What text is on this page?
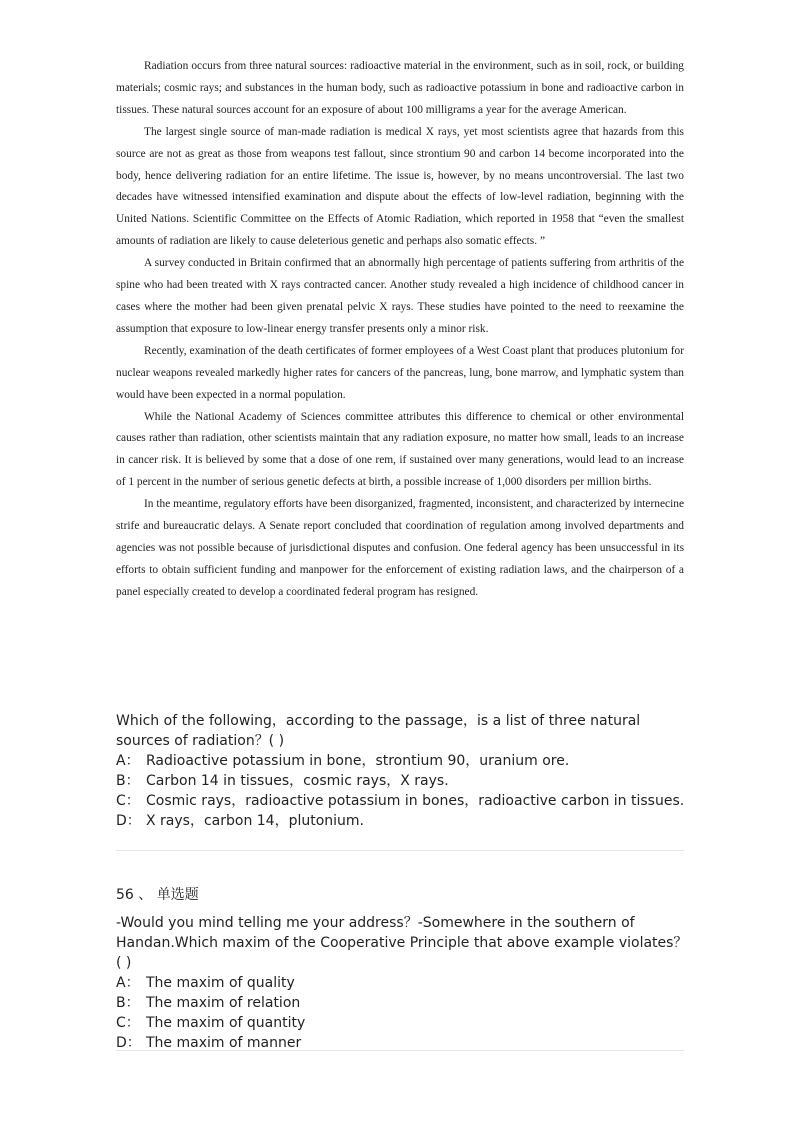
Radiation occurs from three natural sources: radioactive material in the environment, such as in soil, rock, or building materials; cosmic rays; and substances in the human body, such as radioactive potassium in bone and radioactive carbon in tissues. These natural sources account for an exposure of about 100 milligrams a year for the average American.

The largest single source of man-made radiation is medical X rays, yet most scientists agree that hazards from this source are not as great as those from weapons test fallout, since strontium 90 and carbon 14 become incorporated into the body, hence delivering radiation for an entire lifetime. The issue is, however, by no means uncontroversial. The last two decades have witnessed intensified examination and dispute about the effects of low-level radiation, beginning with the United Nations. Scientific Committee on the Effects of Atomic Radiation, which reported in 1958 that “even the smallest amounts of radiation are likely to cause deleterious genetic and perhaps also somatic effects. ”

A survey conducted in Britain confirmed that an abnormally high percentage of patients suffering from arthritis of the spine who had been treated with X rays contracted cancer. Another study revealed a high incidence of childhood cancer in cases where the mother had been given prenatal pelvic X rays. These studies have pointed to the need to reexamine the assumption that exposure to low-linear energy transfer presents only a minor risk.

Recently, examination of the death certificates of former employees of a West Coast plant that produces plutonium for nuclear weapons revealed markedly higher rates for cancers of the pancreas, lung, bone marrow, and lymphatic system than would have been expected in a normal population.

While the National Academy of Sciences committee attributes this difference to chemical or other environmental causes rather than radiation, other scientists maintain that any radiation exposure, no matter how small, leads to an increase in cancer risk. It is believed by some that a dose of one rem, if sustained over many generations, would lead to an increase of 1 percent in the number of serious genetic defects at birth, a possible increase of 1,000 disorders per million births.

In the meantime, regulatory efforts have been disorganized, fragmented, inconsistent, and characterized by internecine strife and bureaucratic delays. A Senate report concluded that coordination of regulation among involved departments and agencies was not possible because of jurisdictional disputes and confusion. One federal agency has been unsuccessful in its efforts to obtain sufficient funding and manpower for the enforcement of existing radiation laws, and the chairperson of a panel especially created to develop a coordinated federal program has resigned.

Which of the following，according to the passage，is a list of three natural sources of radiation？( )

A： Radioactive potassium in bone，strontium 90，uranium ore.

B： Carbon 14 in tissues，cosmic rays，X rays.

C： Cosmic rays，radioactive potassium in bones，radioactive carbon in tissues.

D： X rays，carbon 14，plutonium.

56 、 单选题

-Would you mind telling me your address？-Somewhere in the southern of Handan.Which maxim of the Cooperative Principle that above example violates？( )

A： The maxim of quality

B： The maxim of relation

C： The maxim of quantity

D： The maxim of manner
